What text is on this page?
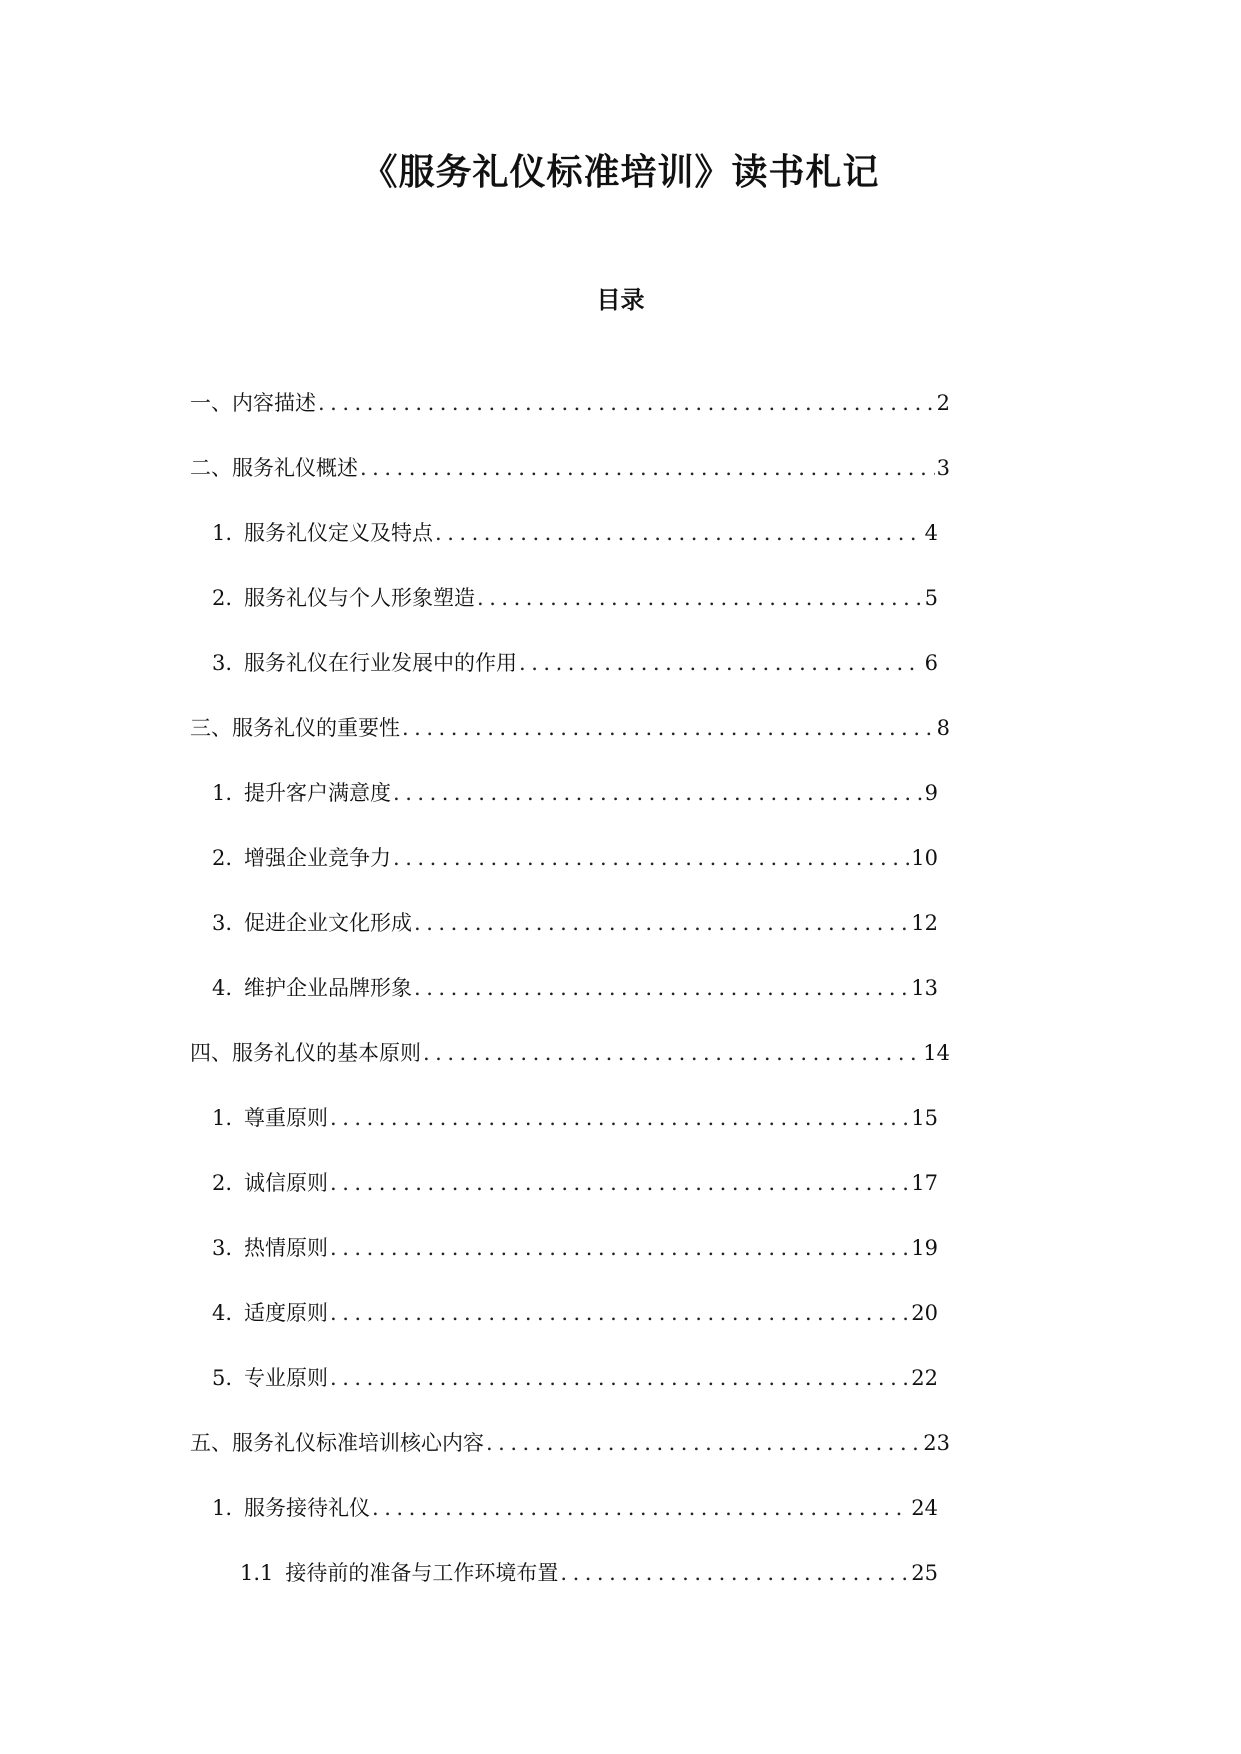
《服务礼仪标准培训》读书札记
目录
一、内容描述 .....	2
二、服务礼仪概述 .....	3
1. 服务礼仪定义及特点 .....	4
2. 服务礼仪与个人形象塑造 .....	5
3. 服务礼仪在行业发展中的作用 .....	6
三、服务礼仪的重要性 .....	8
1. 提升客户满意度 .....	9
2. 增强企业竞争力 .....	10
3. 促进企业文化形成 .....	12
4. 维护企业品牌形象 .....	13
四、服务礼仪的基本原则 .....	14
1. 尊重原则 .....	15
2. 诚信原则 .....	17
3. 热情原则 .....	19
4. 适度原则 .....	20
5. 专业原则 .....	22
五、服务礼仪标准培训核心内容 .....	23
1. 服务接待礼仪 .....	24
1.1 接待前的准备与工作环境布置 .....	25
